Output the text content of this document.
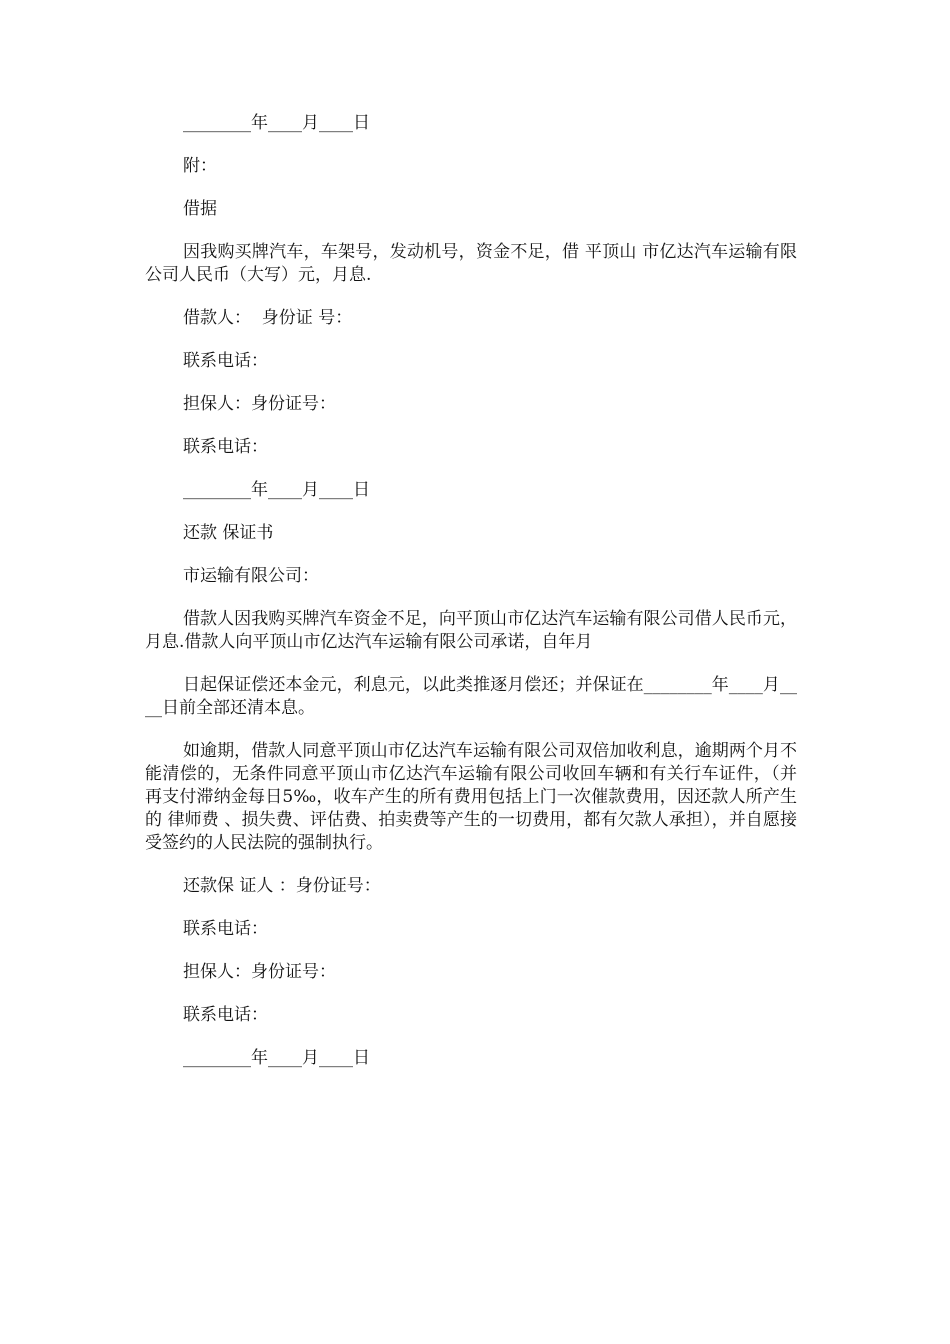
________年____月____日

附：

借据

因我购买牌汽车，车架号，发动机号，资金不足，借 平顶山 市亿达汽车运输有限公司人民币（大写）元，月息.

借款人：  身份证 号：

联系电话：

担保人：身份证号：

联系电话：

________年____月____日

还款 保证书

市运输有限公司：

借款人因我购买牌汽车资金不足，向平顶山市亿达汽车运输有限公司借人民币元，月息.借款人向平顶山市亿达汽车运输有限公司承诺，自年月

日起保证偿还本金元，利息元，以此类推逐月偿还；并保证在________年____月____日前全部还清本息。

如逾期，借款人同意平顶山市亿达汽车运输有限公司双倍加收利息，逾期两个月不能清偿的，无条件同意平顶山市亿达汽车运输有限公司收回车辆和有关行车证件，（并再支付滞纳金每日5‰，收车产生的所有费用包括上门一次催款费用，因还款人所产生的 律师费 、损失费、评估费、拍卖费等产生的一切费用，都有欠款人承担），并自愿接受签约的人民法院的强制执行。

还款保 证人 ：身份证号：

联系电话：

担保人：身份证号：

联系电话：

________年____月____日
